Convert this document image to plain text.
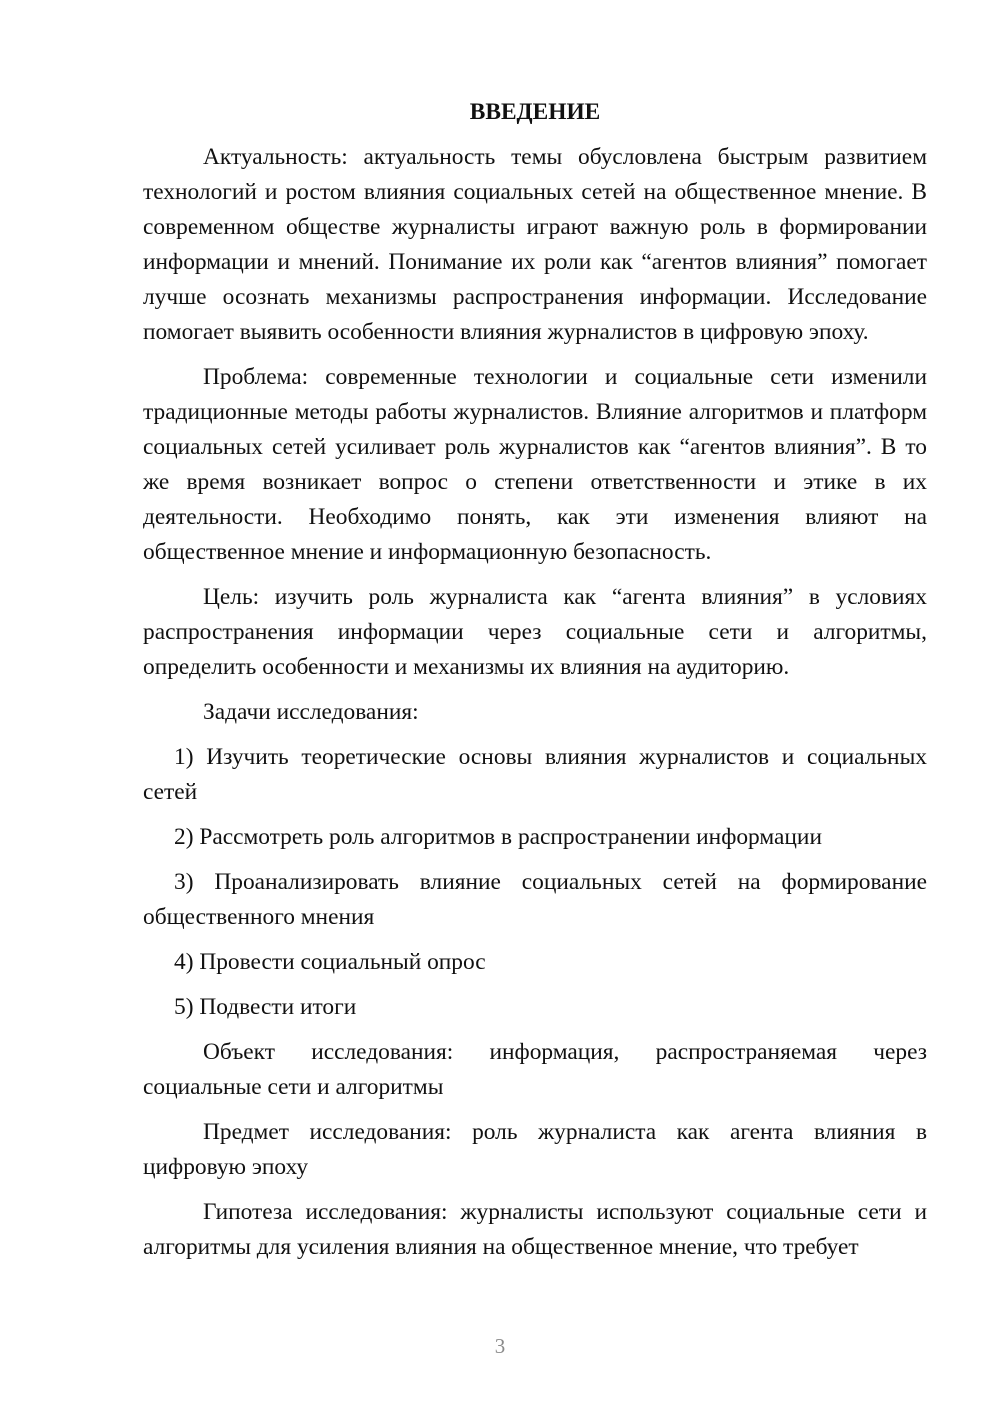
ВВЕДЕНИЕ

Актуальность: актуальность темы обусловлена быстрым развитием технологий и ростом влияния социальных сетей на общественное мнение. В современном обществе журналисты играют важную роль в формировании информации и мнений. Понимание их роли как “агентов влияния” помогает лучше осознать механизмы распространения информации. Исследование помогает выявить особенности влияния журналистов в цифровую эпоху.

Проблема: современные технологии и социальные сети изменили традиционные методы работы журналистов. Влияние алгоритмов и платформ социальных сетей усиливает роль журналистов как “агентов влияния”. В то же время возникает вопрос о степени ответственности и этике в их деятельности. Необходимо понять, как эти изменения влияют на общественное мнение и информационную безопасность.

Цель: изучить роль журналиста как “агента влияния” в условиях распространения информации через социальные сети и алгоритмы, определить особенности и механизмы их влияния на аудиторию.

Задачи исследования:

1) Изучить теоретические основы влияния журналистов и социальных сетей

2) Рассмотреть роль алгоритмов в распространении информации

3) Проанализировать влияние социальных сетей на формирование общественного мнения

4) Провести социальный опрос

5) Подвести итоги

Объект исследования: информация, распространяемая через социальные сети и алгоритмы

Предмет исследования: роль журналиста как агента влияния в цифровую эпоху

Гипотеза исследования: журналисты используют социальные сети и алгоритмы для усиления влияния на общественное мнение, что требует

3
